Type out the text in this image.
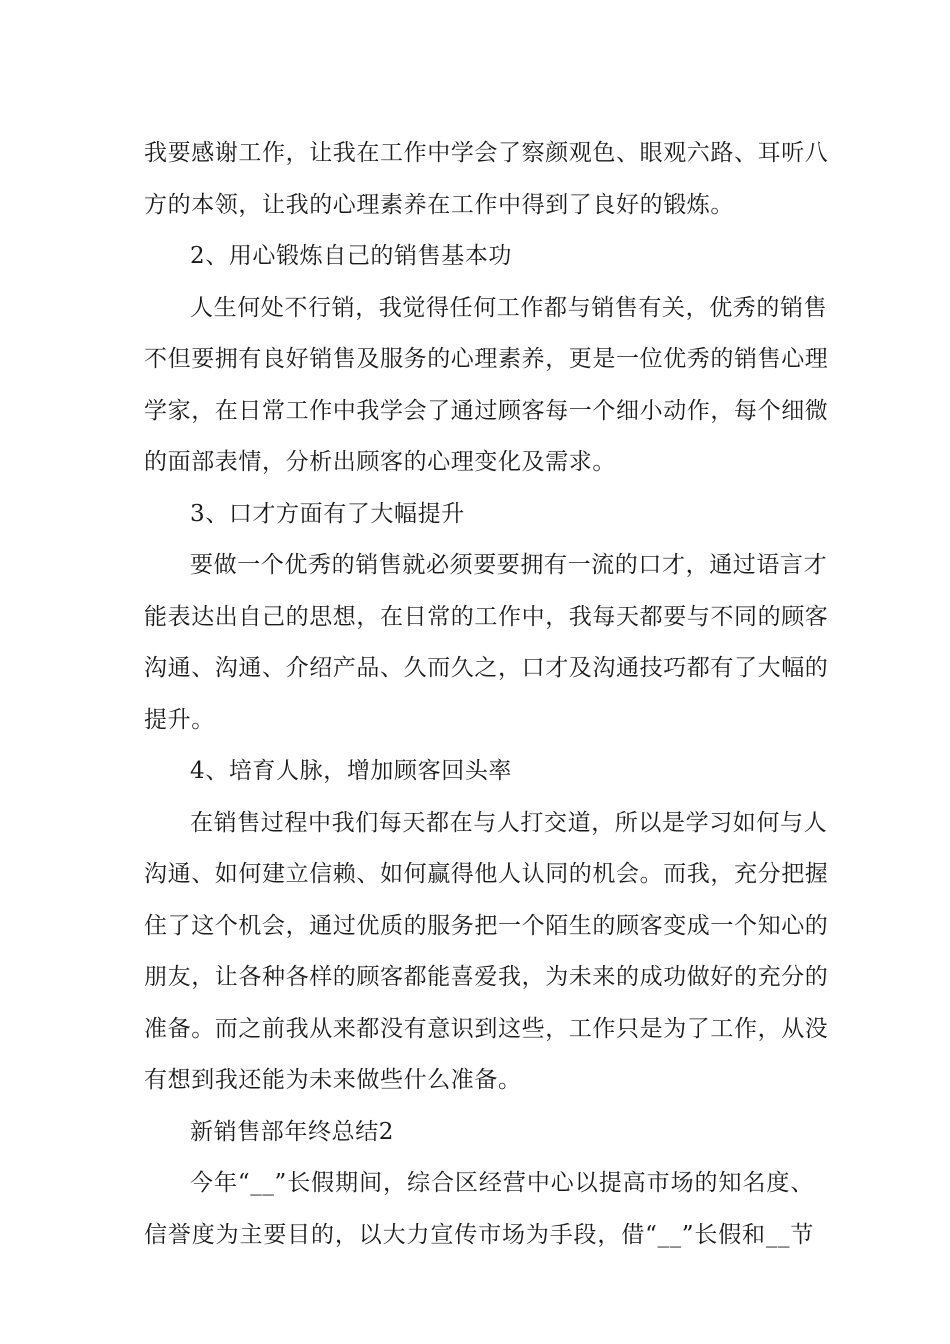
我要感谢工作，让我在工作中学会了察颜观色、眼观六路、耳听八
方的本领，让我的心理素养在工作中得到了良好的锻炼。
2、用心锻炼自己的销售基本功
人生何处不行销，我觉得任何工作都与销售有关，优秀的销售
不但要拥有良好销售及服务的心理素养，更是一位优秀的销售心理
学家，在日常工作中我学会了通过顾客每一个细小动作，每个细微
的面部表情，分析出顾客的心理变化及需求。
3、口才方面有了大幅提升
要做一个优秀的销售就必须要要拥有一流的口才，通过语言才
能表达出自己的思想，在日常的工作中，我每天都要与不同的顾客
沟通、沟通、介绍产品、久而久之，口才及沟通技巧都有了大幅的
提升。
4、培育人脉，增加顾客回头率
在销售过程中我们每天都在与人打交道，所以是学习如何与人
沟通、如何建立信赖、如何赢得他人认同的机会。而我，充分把握
住了这个机会，通过优质的服务把一个陌生的顾客变成一个知心的
朋友，让各种各样的顾客都能喜爱我，为未来的成功做好的充分的
准备。而之前我从来都没有意识到这些，工作只是为了工作，从没
有想到我还能为未来做些什么准备。
新销售部年终总结2
今年“__”长假期间，综合区经营中心以提高市场的知名度、
信誉度为主要目的，以大力宣传市场为手段，借“__”长假和__节
